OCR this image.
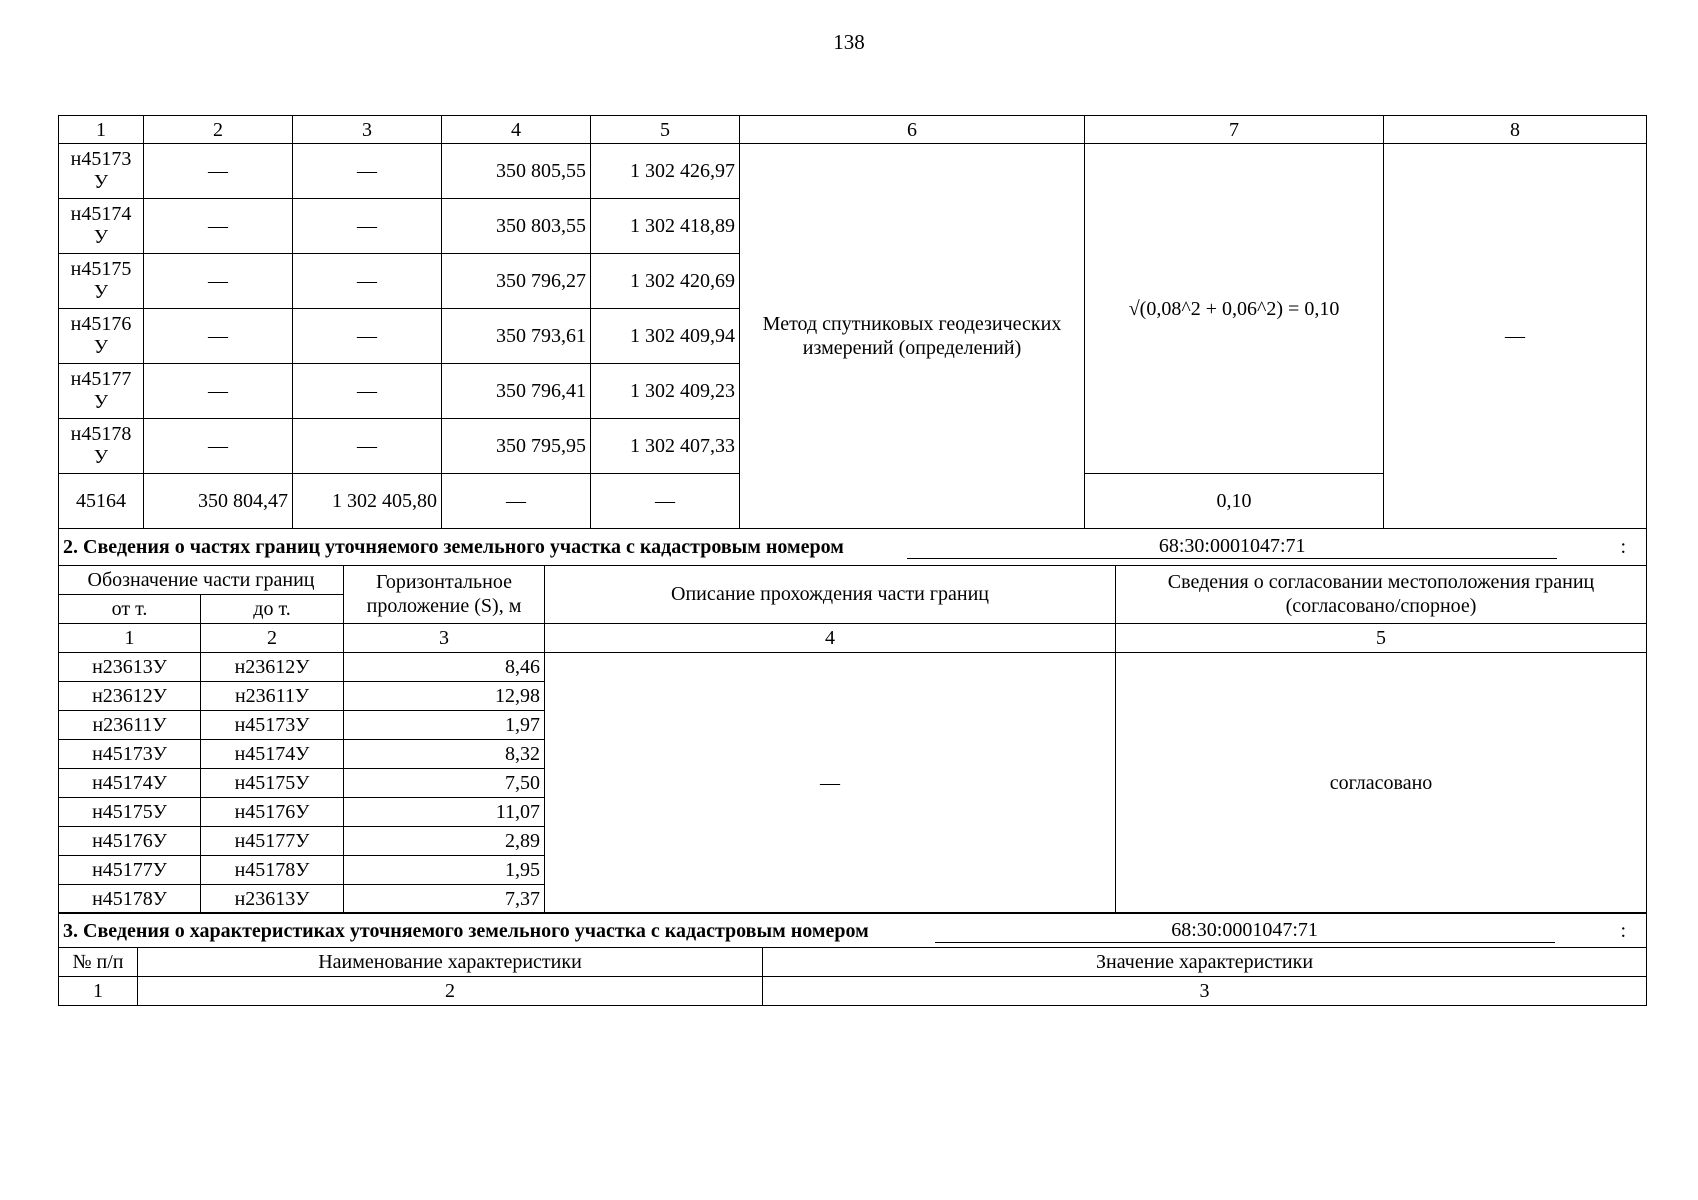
138
1	2	3	4	5	6	7	8
н45173 У	—	—	350 805,55	1 302 426,97	Метод спутниковых геодезических измерений (определений)	√(0,08^2 + 0,06^2) = 0,10	—
н45174 У	—	—	350 803,55	1 302 418,89			
н45175 У	—	—	350 796,27	1 302 420,69			
н45176 У	—	—	350 793,61	1 302 409,94			
н45177 У	—	—	350 796,41	1 302 409,23			
н45178 У	—	—	350 795,95	1 302 407,33			
45164	350 804,47	1 302 405,80	—	—		0,10	
2. Сведения о частях границ уточняемого земельного участка с кадастровым номером 68:30:0001047:71 :				

Обозначение части границ		Горизонтальное проложение (S), м	Описание прохождения части границ	Сведения о согласовании местоположения границ (согласовано/спорное)
от т.	до т.			
1	2	3	4	5
н23613У	н23612У	8,46	—	согласовано
н23612У	н23611У	12,98		
н23611У	н45173У	1,97		
н45173У	н45174У	8,32		
н45174У	н45175У	7,50		
н45175У	н45176У	11,07		
н45176У	н45177У	2,89		
н45177У	н45178У	1,95		
н45178У	н23613У	7,37		
3. Сведения о характеристиках уточняемого земельного участка с кадастровым номером 68:30:0001047:71 :		

№ п/п	Наименование характеристики	Значение характеристики
1	2	3
